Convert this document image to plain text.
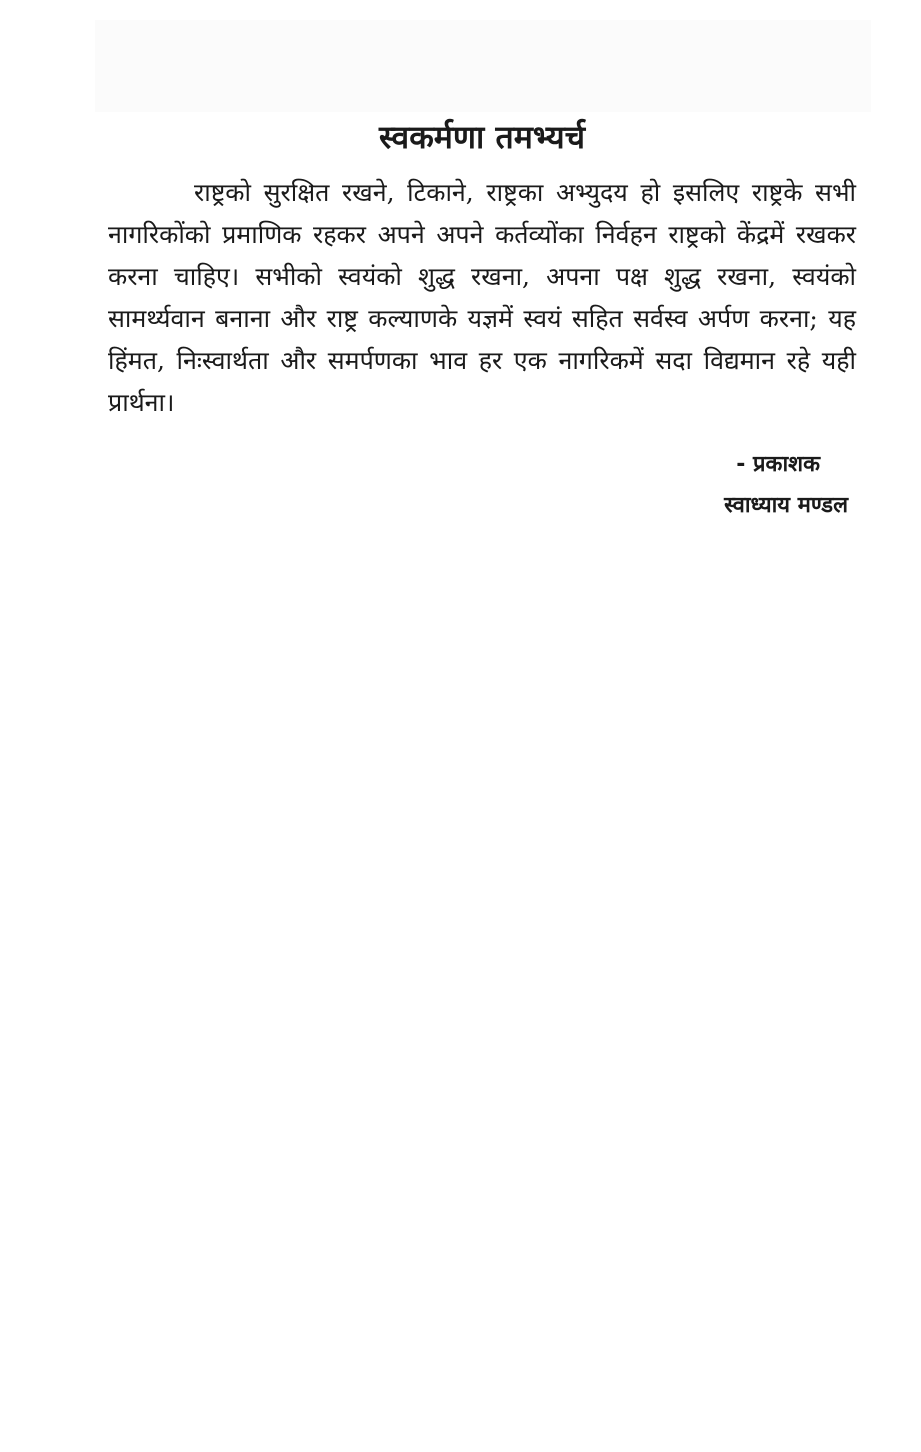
स्वकर्मणा तमभ्यर्च

राष्ट्रको सुरक्षित रखने, टिकाने, राष्ट्रका अभ्युदय हो इसलिए राष्ट्रके सभी नागरिकोंको प्रमाणिक रहकर अपने अपने कर्तव्योंका निर्वहन राष्ट्रको केंद्रमें रखकर करना चाहिए। सभीको स्वयंको शुद्ध रखना, अपना पक्ष शुद्ध रखना, स्वयंको सामर्थ्यवान बनाना और राष्ट्र कल्याणके यज्ञमें स्वयं सहित सर्वस्व अर्पण करना; यह हिंमत, निःस्वार्थता और समर्पणका भाव हर एक नागरिकमें सदा विद्यमान रहे यही प्रार्थना।

- प्रकाशक
स्वाध्याय मण्डल
